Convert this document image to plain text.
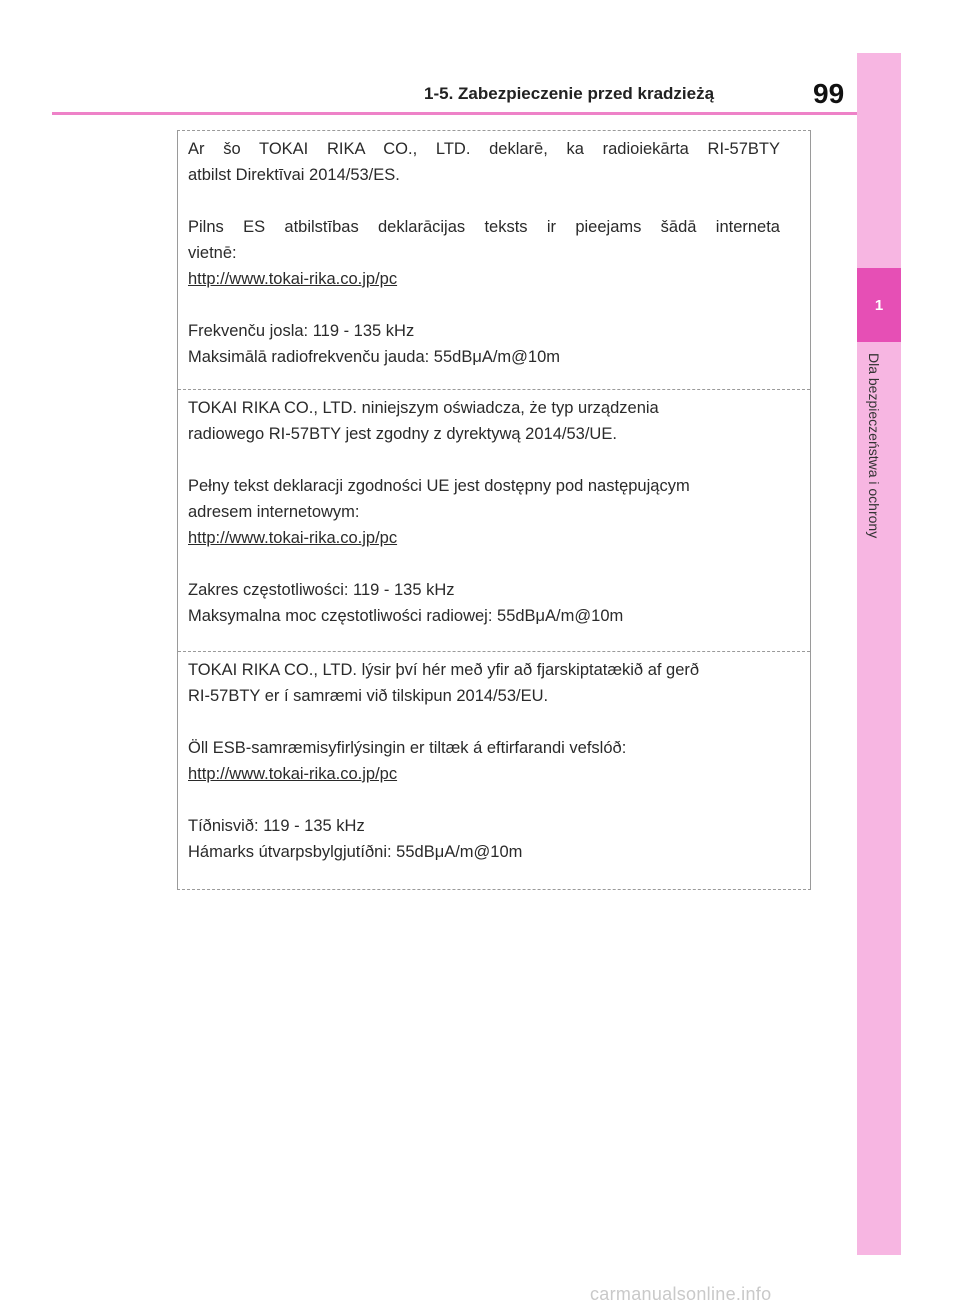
1-5. Zabezpieczenie przed kradzieżą	99
1
Dla bezpieczeństwa i ochrony

Ar šo TOKAI RIKA CO., LTD. deklarē, ka radioiekārta RI-57BTY

atbilst Direktīvai 2014/53/ES.

Pilns ES atbilstības deklarācijas teksts ir pieejams šādā interneta

vietnē:

http://www.tokai-rika.co.jp/pc

Frekvenču josla: 119 - 135 kHz

Maksimālā radiofrekvenču jauda: 55dBμA/m@10m

TOKAI RIKA CO., LTD. niniejszym oświadcza, że typ urządzenia

radiowego RI-57BTY jest zgodny z dyrektywą 2014/53/UE.

Pełny tekst deklaracji zgodności UE jest dostępny pod następującym

adresem internetowym:

http://www.tokai-rika.co.jp/pc

Zakres częstotliwości: 119 - 135 kHz

Maksymalna moc częstotliwości radiowej: 55dBμA/m@10m

TOKAI RIKA CO., LTD. lýsir því hér með yfir að fjarskiptatækið af gerð

RI-57BTY er í samræmi við tilskipun 2014/53/EU.

Öll ESB-samræmisyfirlýsingin er tiltæk á eftirfarandi vefslóð:

http://www.tokai-rika.co.jp/pc

Tíðnisvið: 119 - 135 kHz

Hámarks útvarpsbylgjutíðni: 55dBμA/m@10m

carmanualsonline.info
